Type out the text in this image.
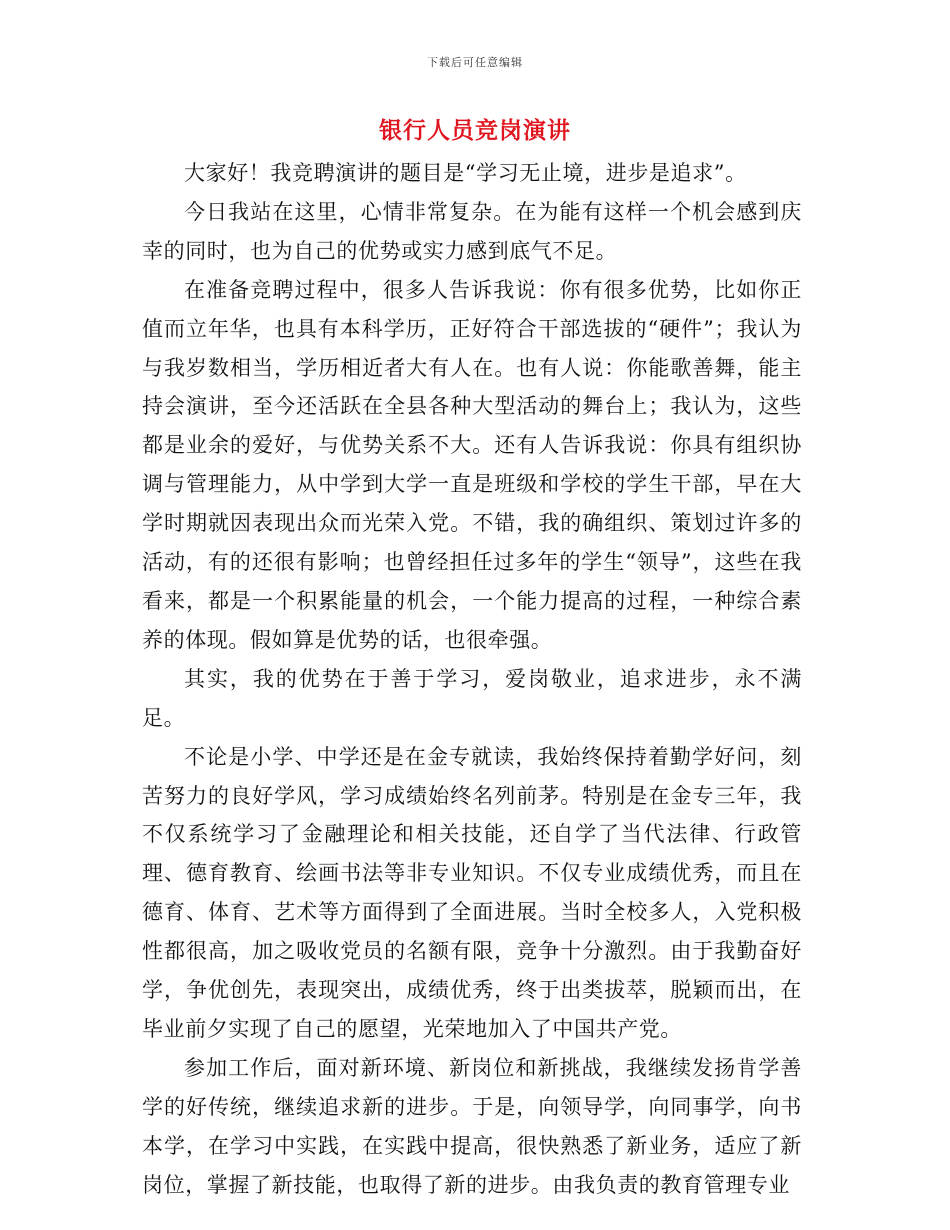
下载后可任意编辑
银行人员竞岗演讲

大家好！我竞聘演讲的题目是“学习无止境，进步是追求”。

今日我站在这里，心情非常复杂。在为能有这样一个机会感到庆幸的同时，也为自己的优势或实力感到底气不足。

在准备竞聘过程中，很多人告诉我说：你有很多优势，比如你正值而立年华，也具有本科学历，正好符合干部选拔的“硬件”；我认为与我岁数相当，学历相近者大有人在。也有人说：你能歌善舞，能主持会演讲，至今还活跃在全县各种大型活动的舞台上；我认为，这些都是业余的爱好，与优势关系不大。还有人告诉我说：你具有组织协调与管理能力，从中学到大学一直是班级和学校的学生干部，早在大学时期就因表现出众而光荣入党。不错，我的确组织、策划过许多的活动，有的还很有影响；也曾经担任过多年的学生“领导”，这些在我看来，都是一个积累能量的机会，一个能力提高的过程，一种综合素养的体现。假如算是优势的话，也很牵强。

其实，我的优势在于善于学习，爱岗敬业，追求进步，永不满足。

不论是小学、中学还是在金专就读，我始终保持着勤学好问，刻苦努力的良好学风，学习成绩始终名列前茅。特别是在金专三年，我不仅系统学习了金融理论和相关技能，还自学了当代法律、行政管理、德育教育、绘画书法等非专业知识。不仅专业成绩优秀，而且在德育、体育、艺术等方面得到了全面进展。当时全校多人，入党积极性都很高，加之吸收党员的名额有限，竞争十分激烈。由于我勤奋好学，争优创先，表现突出，成绩优秀，终于出类拔萃，脱颖而出，在毕业前夕实现了自己的愿望，光荣地加入了中国共产党。

参加工作后，面对新环境、新岗位和新挑战，我继续发扬肯学善学的好传统，继续追求新的进步。于是，向领导学，向同事学，向书本学，在学习中实践，在实践中提高，很快熟悉了新业务，适应了新岗位，掌握了新技能，也取得了新的进步。由我负责的教育管理专业
